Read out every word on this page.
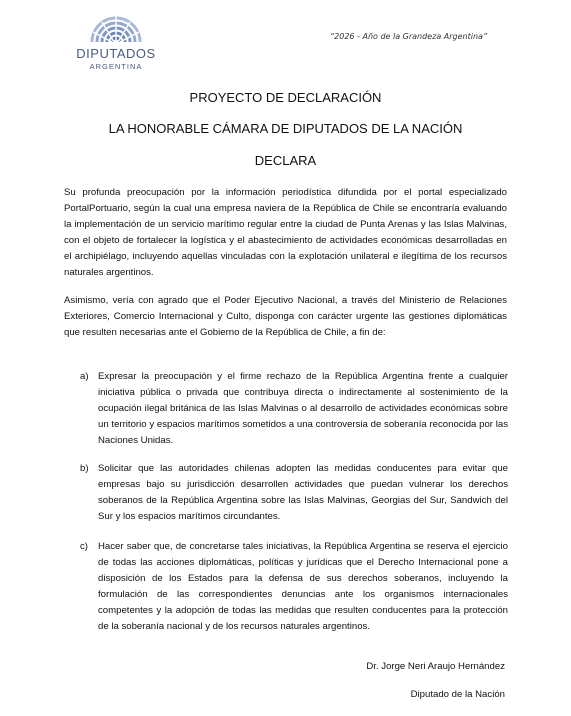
DIPUTADOS
ARGENTINA
“2026 - Año de la Grandeza Argentina”
PROYECTO DE DECLARACIÓN
LA HONORABLE CÁMARA DE DIPUTADOS DE LA NACIÓN
DECLARA

Su profunda preocupación por la información periodística difundida por el portal especializado PortalPortuario, según la cual una empresa naviera de la República de Chile se encontraría evaluando la implementación de un servicio marítimo regular entre la ciudad de Punta Arenas y las Islas Malvinas, con el objeto de fortalecer la logística y el abastecimiento de actividades económicas desarrolladas en el archipiélago, incluyendo aquellas vinculadas con la explotación unilateral e ilegítima de los recursos naturales argentinos.

Asimismo, vería con agrado que el Poder Ejecutivo Nacional, a través del Ministerio de Relaciones Exteriores, Comercio Internacional y Culto, disponga con carácter urgente las gestiones diplomáticas que resulten necesarias ante el Gobierno de la República de Chile, a fin de:

a) Expresar la preocupación y el firme rechazo de la República Argentina frente a cualquier iniciativa pública o privada que contribuya directa o indirectamente al sostenimiento de la ocupación ilegal británica de las Islas Malvinas o al desarrollo de actividades económicas sobre un territorio y espacios marítimos sometidos a una controversia de soberanía reconocida por las Naciones Unidas.

b) Solicitar que las autoridades chilenas adopten las medidas conducentes para evitar que empresas bajo su jurisdicción desarrollen actividades que puedan vulnerar los derechos soberanos de la República Argentina sobre las Islas Malvinas, Georgias del Sur, Sandwich del Sur y los espacios marítimos circundantes.

c) Hacer saber que, de concretarse tales iniciativas, la República Argentina se reserva el ejercicio de todas las acciones diplomáticas, políticas y jurídicas que el Derecho Internacional pone a disposición de los Estados para la defensa de sus derechos soberanos, incluyendo la formulación de las correspondientes denuncias ante los organismos internacionales competentes y la adopción de todas las medidas que resulten conducentes para la protección de la soberanía nacional y de los recursos naturales argentinos.

Dr. Jorge Neri Araujo Hernández
Diputado de la Nación
